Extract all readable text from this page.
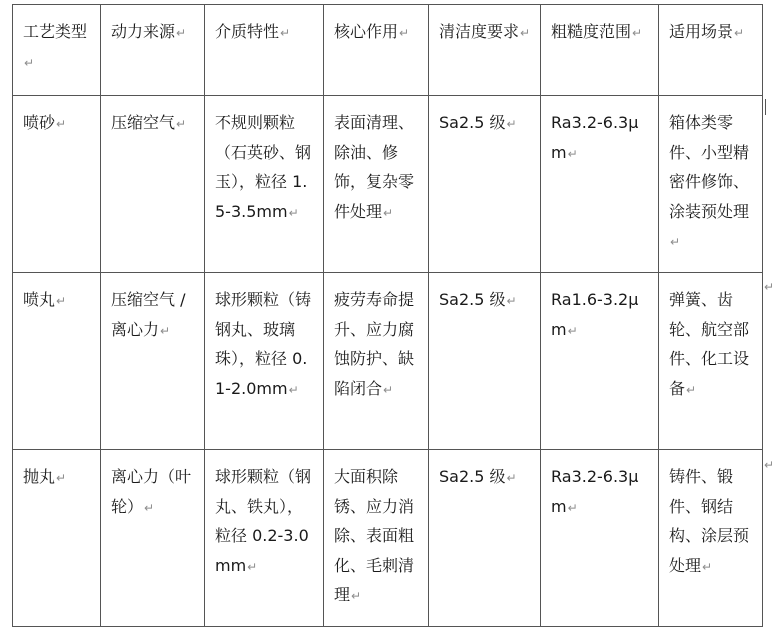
工艺类型↵	动力来源↵	介质特性↵	核心作用↵	清洁度要求↵	粗糙度范围↵	适用场景↵
喷砂↵	压缩空气↵	不规则颗粒（石英砂、钢玉），粒径 1.5-3.5mm↵	表面清理、除油、修饰，复杂零件处理↵	Sa2.5 级↵	Ra3.2-6.3μm↵	箱体类零件、小型精密件修饰、涂装预处理↵
喷丸↵	压缩空气 / 离心力↵	球形颗粒（铸钢丸、玻璃珠），粒径 0.1-2.0mm↵	疲劳寿命提升、应力腐蚀防护、缺陷闭合↵	Sa2.5 级↵	Ra1.6-3.2μm↵	弹簧、齿轮、航空部件、化工设备↵
抛丸↵	离心力（叶轮）↵	球形颗粒（钢丸、铁丸），粒径 0.2-3.0mm↵	大面积除锈、应力消除、表面粗化、毛刺清理↵	Sa2.5 级↵	Ra3.2-6.3μm↵	铸件、锻件、钢结构、涂层预处理↵
↵
↵
